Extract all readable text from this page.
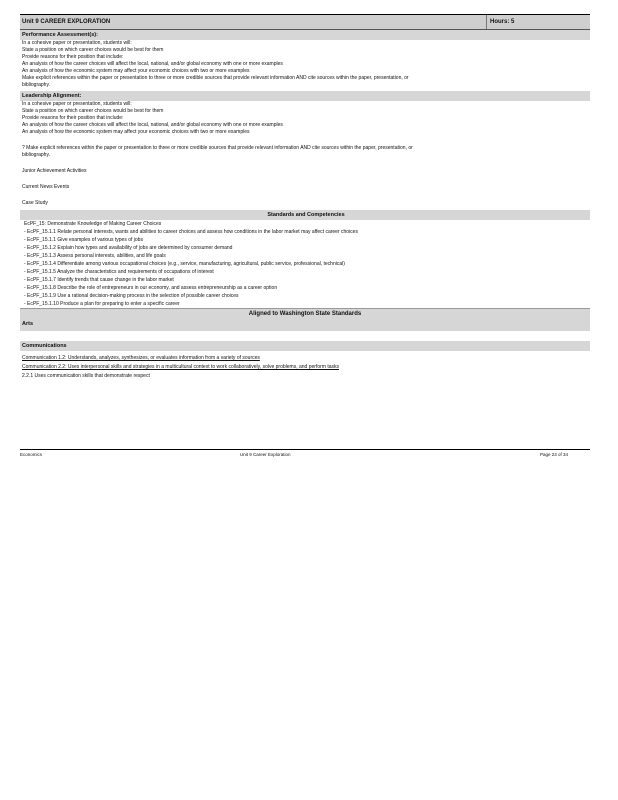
Unit 9 CAREER EXPLORATION	Hours: 5
Performance Assessment(s):
In a cohesive paper or presentation, students will:
State a position on which career choices would be best for them
Provide reasons for their position that include:
An analysis of how the career choices will affect the local, national, and/or global economy with one or more examples
An analysis of how the economic system may affect your economic choices with two or more examples
Make explicit references within the paper or presentation to three or more credible sources that provide relevant information AND cite sources within the paper, presentation, or
bibliography.
Leadership Alignment:
In a cohesive paper or presentation, students will:
State a position on which career choices would be best for them
Provide reasons for their position that include:
An analysis of how the career choices will affect the local, national, and/or global economy with one or more examples
An analysis of how the economic system may affect your economic choices with two or more examples
? Make explicit references within the paper or presentation to three or more credible sources that provide relevant information AND cite sources within the paper, presentation, or
bibliography.
Junior Achievement Activities
Current News Events
Case Study
Standards and Competencies
EcPF_15: Demonstrate Knowledge of Making Career Choices
- EcPF_15.1.1 Relate personal interests, wants and abilities to career choices and assess how conditions in the labor market may affect career choices
- EcPF_15.1.1 Give examples of various types of jobs
- EcPF_15.1.2 Explain how types and availability of jobs are determined by consumer demand
- EcPF_15.1.3 Assess personal interests, abilities, and life goals
- EcPF_15.1.4 Differentiate among various occupational choices (e.g., service, manufacturing, agricultural, public service, professional, technical)
- EcPF_15.1.5 Analyze the characteristics and requirements of occupations of interest
- EcPF_15.1.7 Identify trends that cause change in the labor market
- EcPF_15.1.8 Describe the role of entrepreneurs in our economy, and assess entrepreneurship as a career option
- EcPF_15.1.9 Use a rational decision-making process in the selection of possible career choices
- EcPF_15.1.10 Produce a plan for preparing to enter a specific career
Aligned to Washington State Standards
Arts
Communications
Communication 1.2: Understands, analyzes, synthesizes, or evaluates information from a variety of sources
Communication 2.2: Uses interpersonal skills and strategies in a multicultural context to work collaboratively, solve problems, and perform tasks
2.2.1 Uses communication skills that demonstrate respect
Economics	Unit 9 Career Exploration	Page 23 of 34
